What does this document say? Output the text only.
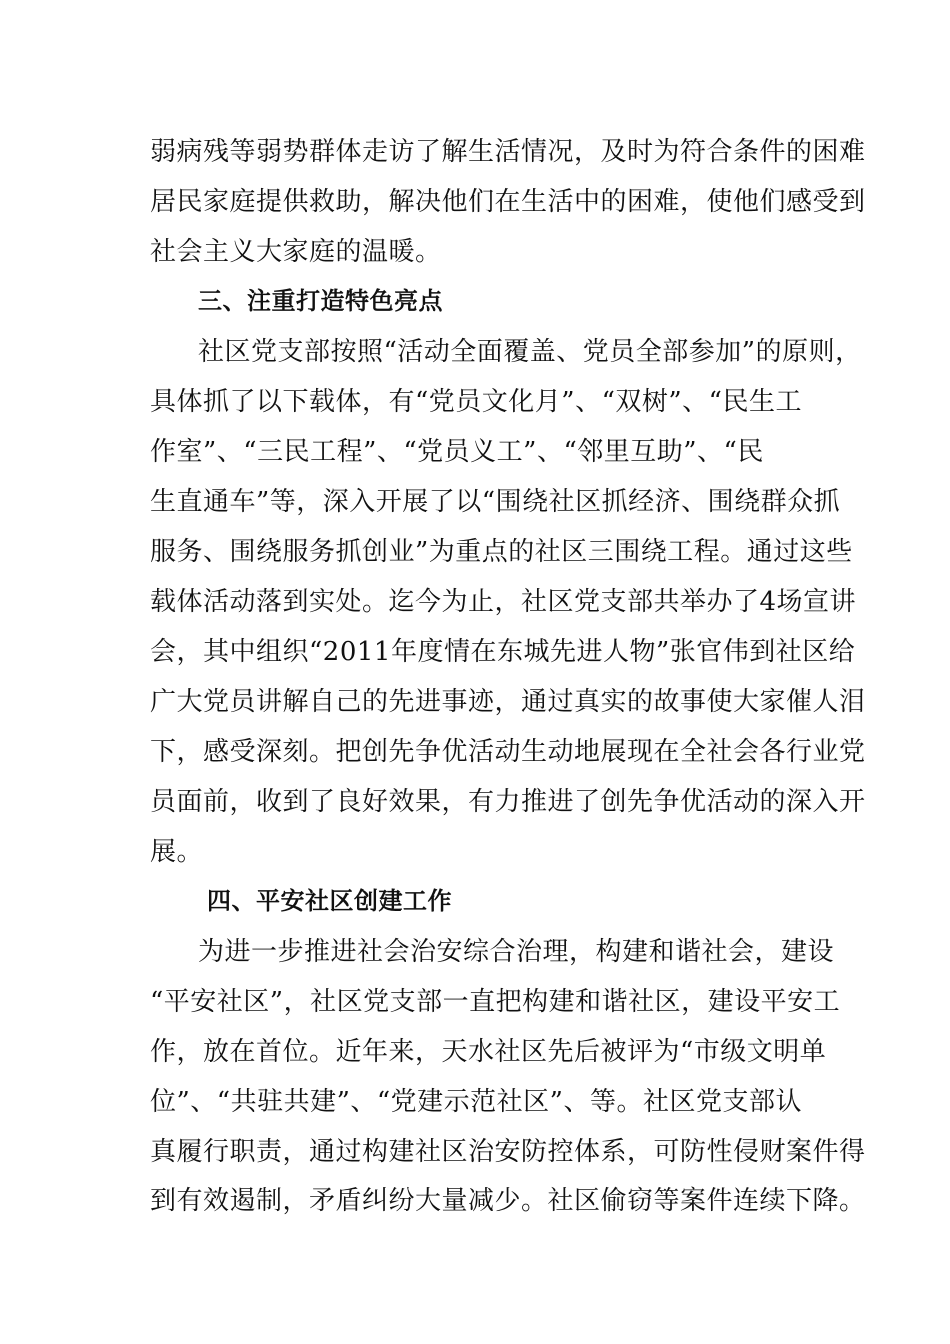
弱病残等弱势群体走访了解生活情况，及时为符合条件的困难
居民家庭提供救助，解决他们在生活中的困难，使他们感受到
社会主义大家庭的温暖。
三、注重打造特色亮点
社区党支部按照“活动全面覆盖、党员全部参加”的原则，
具体抓了以下载体，有“党员文化月”、“双树”、“民生工
作室”、“三民工程”、“党员义工”、“邻里互助”、“民
生直通车”等，深入开展了以“围绕社区抓经济、围绕群众抓
服务、围绕服务抓创业”为重点的社区三围绕工程。通过这些
载体活动落到实处。迄今为止，社区党支部共举办了4场宣讲
会，其中组织“2011年度情在东城先进人物”张官伟到社区给
广大党员讲解自己的先进事迹，通过真实的故事使大家催人泪
下，感受深刻。把创先争优活动生动地展现在全社会各行业党
员面前，收到了良好效果，有力推进了创先争优活动的深入开
展。
四、平安社区创建工作
为进一步推进社会治安综合治理，构建和谐社会，建设
“平安社区”，社区党支部一直把构建和谐社区，建设平安工
作，放在首位。近年来，天水社区先后被评为“市级文明单
位”、“共驻共建”、“党建示范社区”、等。社区党支部认
真履行职责，通过构建社区治安防控体系，可防性侵财案件得
到有效遏制，矛盾纠纷大量减少。社区偷窃等案件连续下降。
